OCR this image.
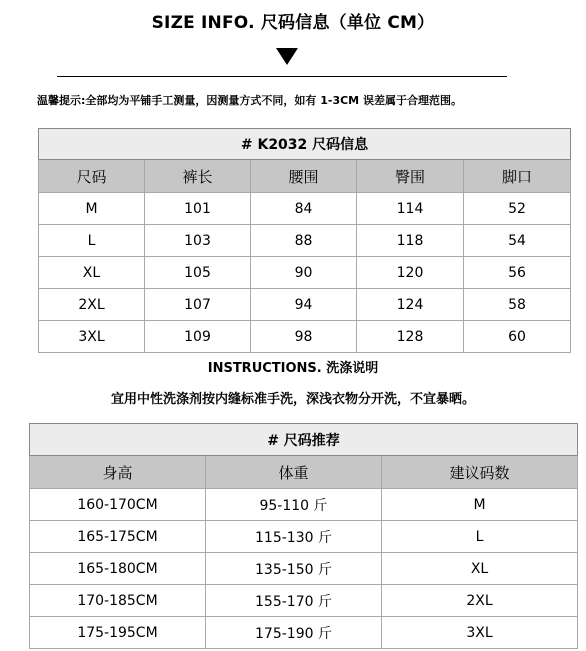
SIZE INFO. 尺码信息（单位 CM）
温馨提示:全部均为平铺手工测量，因测量方式不同，如有 1-3CM 误差属于合理范围。
# K2032 尺码信息				
尺码	裤长	腰围	臀围	脚口
M	101	84	114	52
L	103	88	118	54
XL	105	90	120	56
2XL	107	94	124	58
3XL	109	98	128	60
INSTRUCTIONS. 洗涤说明
宜用中性洗涤剂按内缝标准手洗，深浅衣物分开洗，不宜暴晒。
# 尺码推荐		
身高	体重	建议码数
160-170CM	95-110 斤	M
165-175CM	115-130 斤	L
165-180CM	135-150 斤	XL
170-185CM	155-170 斤	2XL
175-195CM	175-190 斤	3XL
